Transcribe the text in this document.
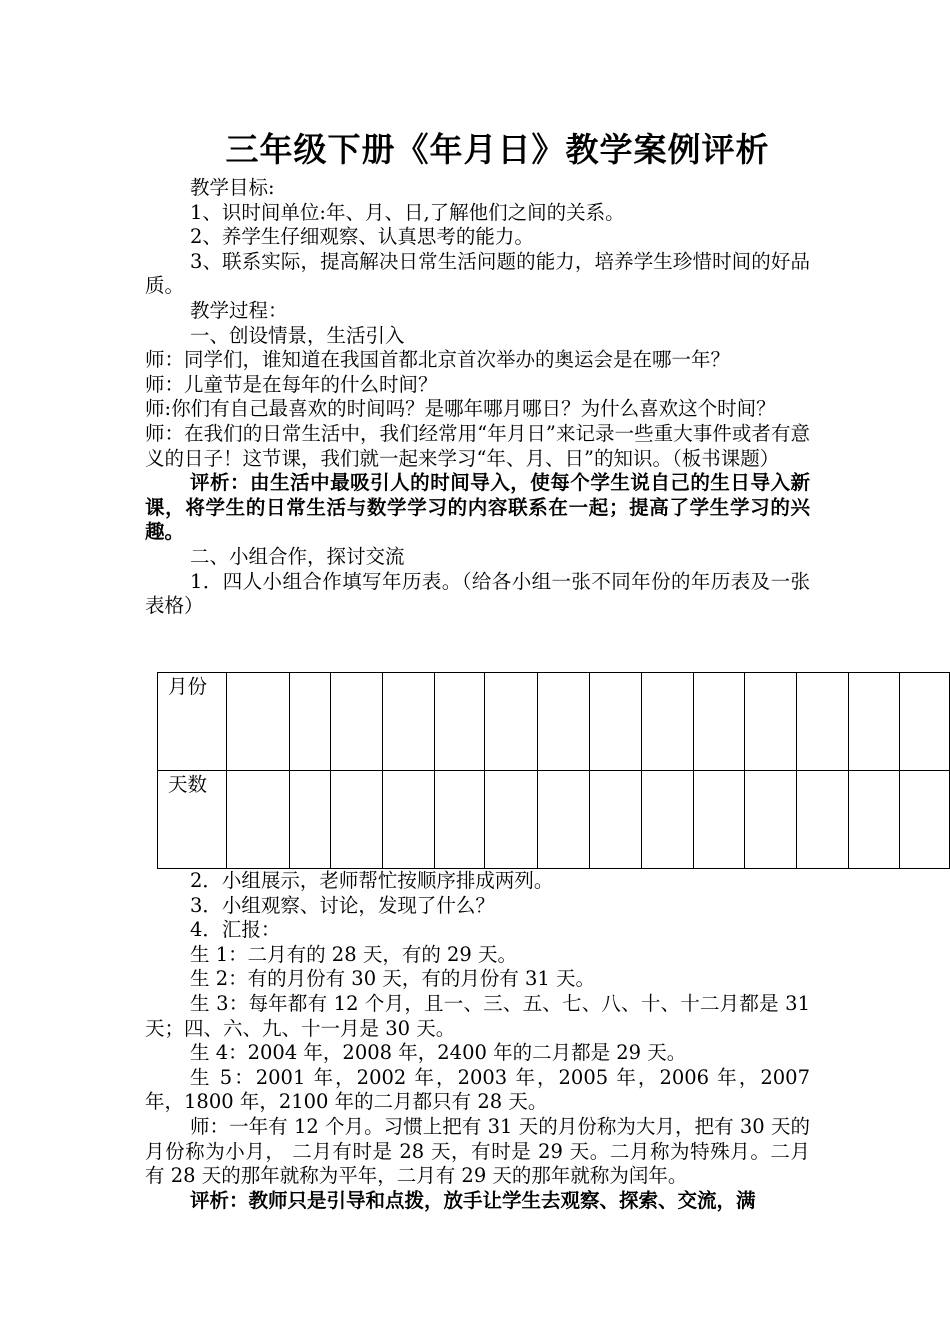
三年级下册《年月日》教学案例评析

教学目标:

1、识时间单位:年、月、日,了解他们之间的关系。

2、养学生仔细观察、认真思考的能力。

3、联系实际，提高解决日常生活问题的能力，培养学生珍惜时间的好品质。

教学过程：

一、创设情景，生活引入

师：同学们，谁知道在我国首都北京首次举办的奥运会是在哪一年？

师：儿童节是在每年的什么时间？

师:你们有自己最喜欢的时间吗？是哪年哪月哪日？为什么喜欢这个时间？

师：在我们的日常生活中，我们经常用“年月日”来记录一些重大事件或者有意义的日子！这节课，我们就一起来学习“年、月、日”的知识。（板书课题）

评析：由生活中最吸引人的时间导入，使每个学生说自己的生日导入新课，将学生的日常生活与数学学习的内容联系在一起；提高了学生学习的兴趣。

二、小组合作，探讨交流

1．四人小组合作填写年历表。（给各小组一张不同年份的年历表及一张表格）

月份														
天数														

2．小组展示，老师帮忙按顺序排成两列。

3．小组观察、讨论，发现了什么？

4．汇报：

生 1：二月有的 28 天，有的 29 天。

生 2：有的月份有 30 天，有的月份有 31 天。

生 3：每年都有 12 个月，且一、三、五、七、八、十、十二月都是 31 天；四、六、九、十一月是 30 天。

生 4：2004 年，2008 年，2400 年的二月都是 29 天。

生 5：2001 年，2002 年，2003 年，2005 年，2006 年，2007 年，1800 年，2100 年的二月都只有 28 天。

师：一年有 12 个月。习惯上把有 31 天的月份称为大月，把有 30 天的月份称为小月， 二月有时是 28 天，有时是 29 天。二月称为特殊月。二月有 28 天的那年就称为平年，二月有 29 天的那年就称为闰年。

评析：教师只是引导和点拨，放手让学生去观察、探索、交流，满
